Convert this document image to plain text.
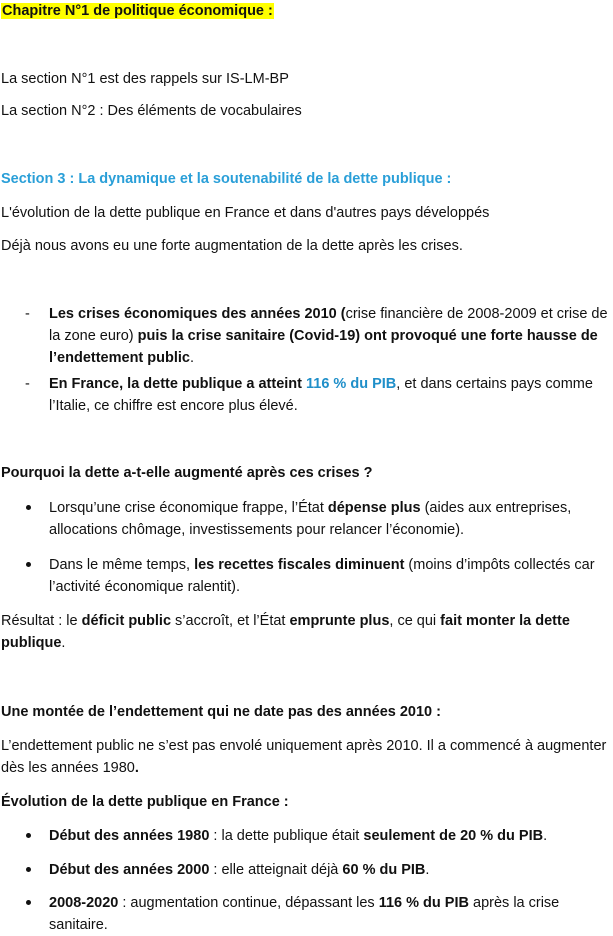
Chapitre N°1 de politique économique :
La section N°1 est des rappels sur IS-LM-BP
La section N°2 : Des éléments de vocabulaires
Section 3 : La dynamique et la soutenabilité de la dette publique :
L'évolution de la dette publique en France et dans d'autres pays développés
Déjà nous avons eu une forte augmentation de la dette après les crises.
-	Les crises économiques des années 2010 (crise financière de 2008-2009 et crise de la zone euro) puis la crise sanitaire (Covid-19) ont provoqué une forte hausse de l’endettement public.
-	En France, la dette publique a atteint 116 % du PIB, et dans certains pays comme l’Italie, ce chiffre est encore plus élevé.
Pourquoi la dette a-t-elle augmenté après ces crises ?
Lorsqu’une crise économique frappe, l’État dépense plus (aides aux entreprises, allocations chômage, investissements pour relancer l’économie).
Dans le même temps, les recettes fiscales diminuent (moins d’impôts collectés car l’activité économique ralentit).
Résultat : le déficit public s’accroît, et l’État emprunte plus, ce qui fait monter la dette publique.
Une montée de l’endettement qui ne date pas des années 2010 :
L’endettement public ne s’est pas envolé uniquement après 2010. Il a commencé à augmenter dès les années 1980.
Évolution de la dette publique en France :
Début des années 1980 : la dette publique était seulement de 20 % du PIB.
Début des années 2000 : elle atteignait déjà 60 % du PIB.
2008-2020 : augmentation continue, dépassant les 116 % du PIB après la crise sanitaire.
